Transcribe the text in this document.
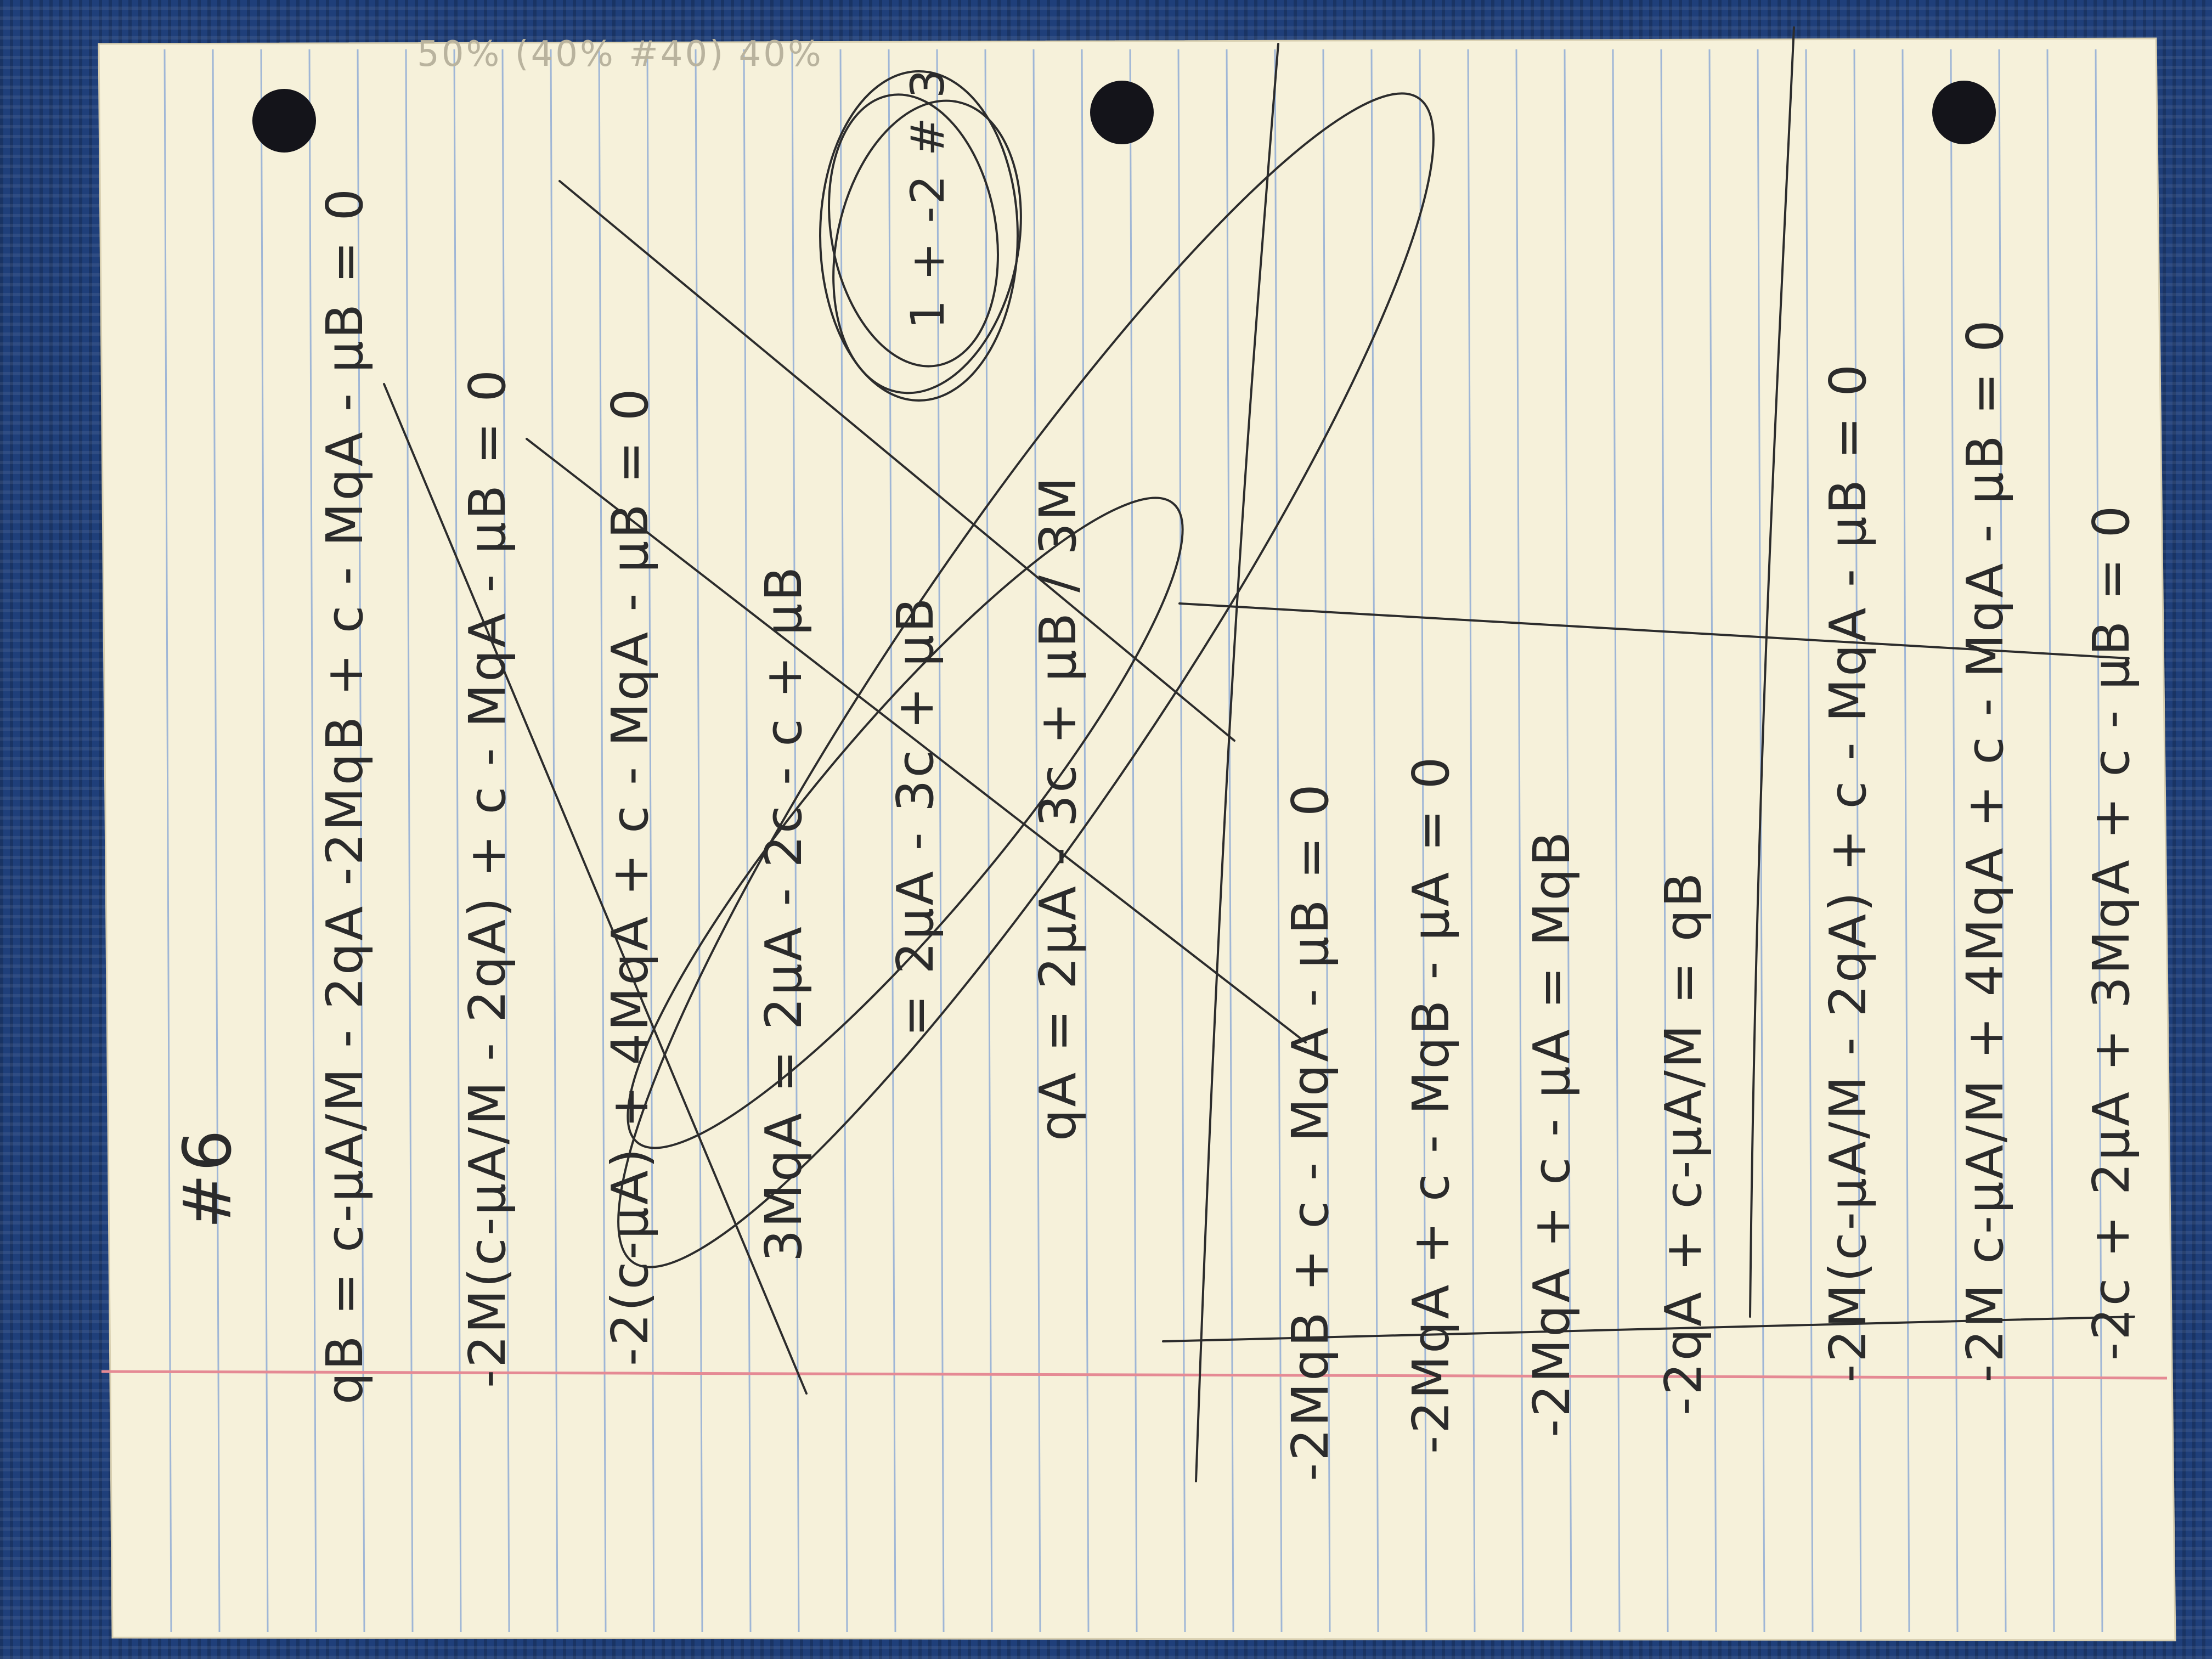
50% (40% #40) 40%
#6 qB = c-μA/M - 2qA -2MqB + c - MqA - μB = 0 -2M(c-μA/M - 2qA) + c - MqA - μB = 0 -2(c-μA) + 4MqA + c - MqA - μB = 0 3MqA = 2μA - 2c - c + μB = 2μA - 3c + μB qA = 2μA - 3c + μB / 3M	-2MqB + c - MqA - μB = 0 -2MqA + c - MqB - μA = 0 -2MqA + c - μA = MqB -2qA + c-μA/M = qB -2M(c-μA/M - 2qA) + c - MqA - μB = 0 -2M c-μA/M + 4MqA + c - MqA - μB = 0 -2c + 2μA + 3MqA + c - μB = 0
1 + -2 # 3
